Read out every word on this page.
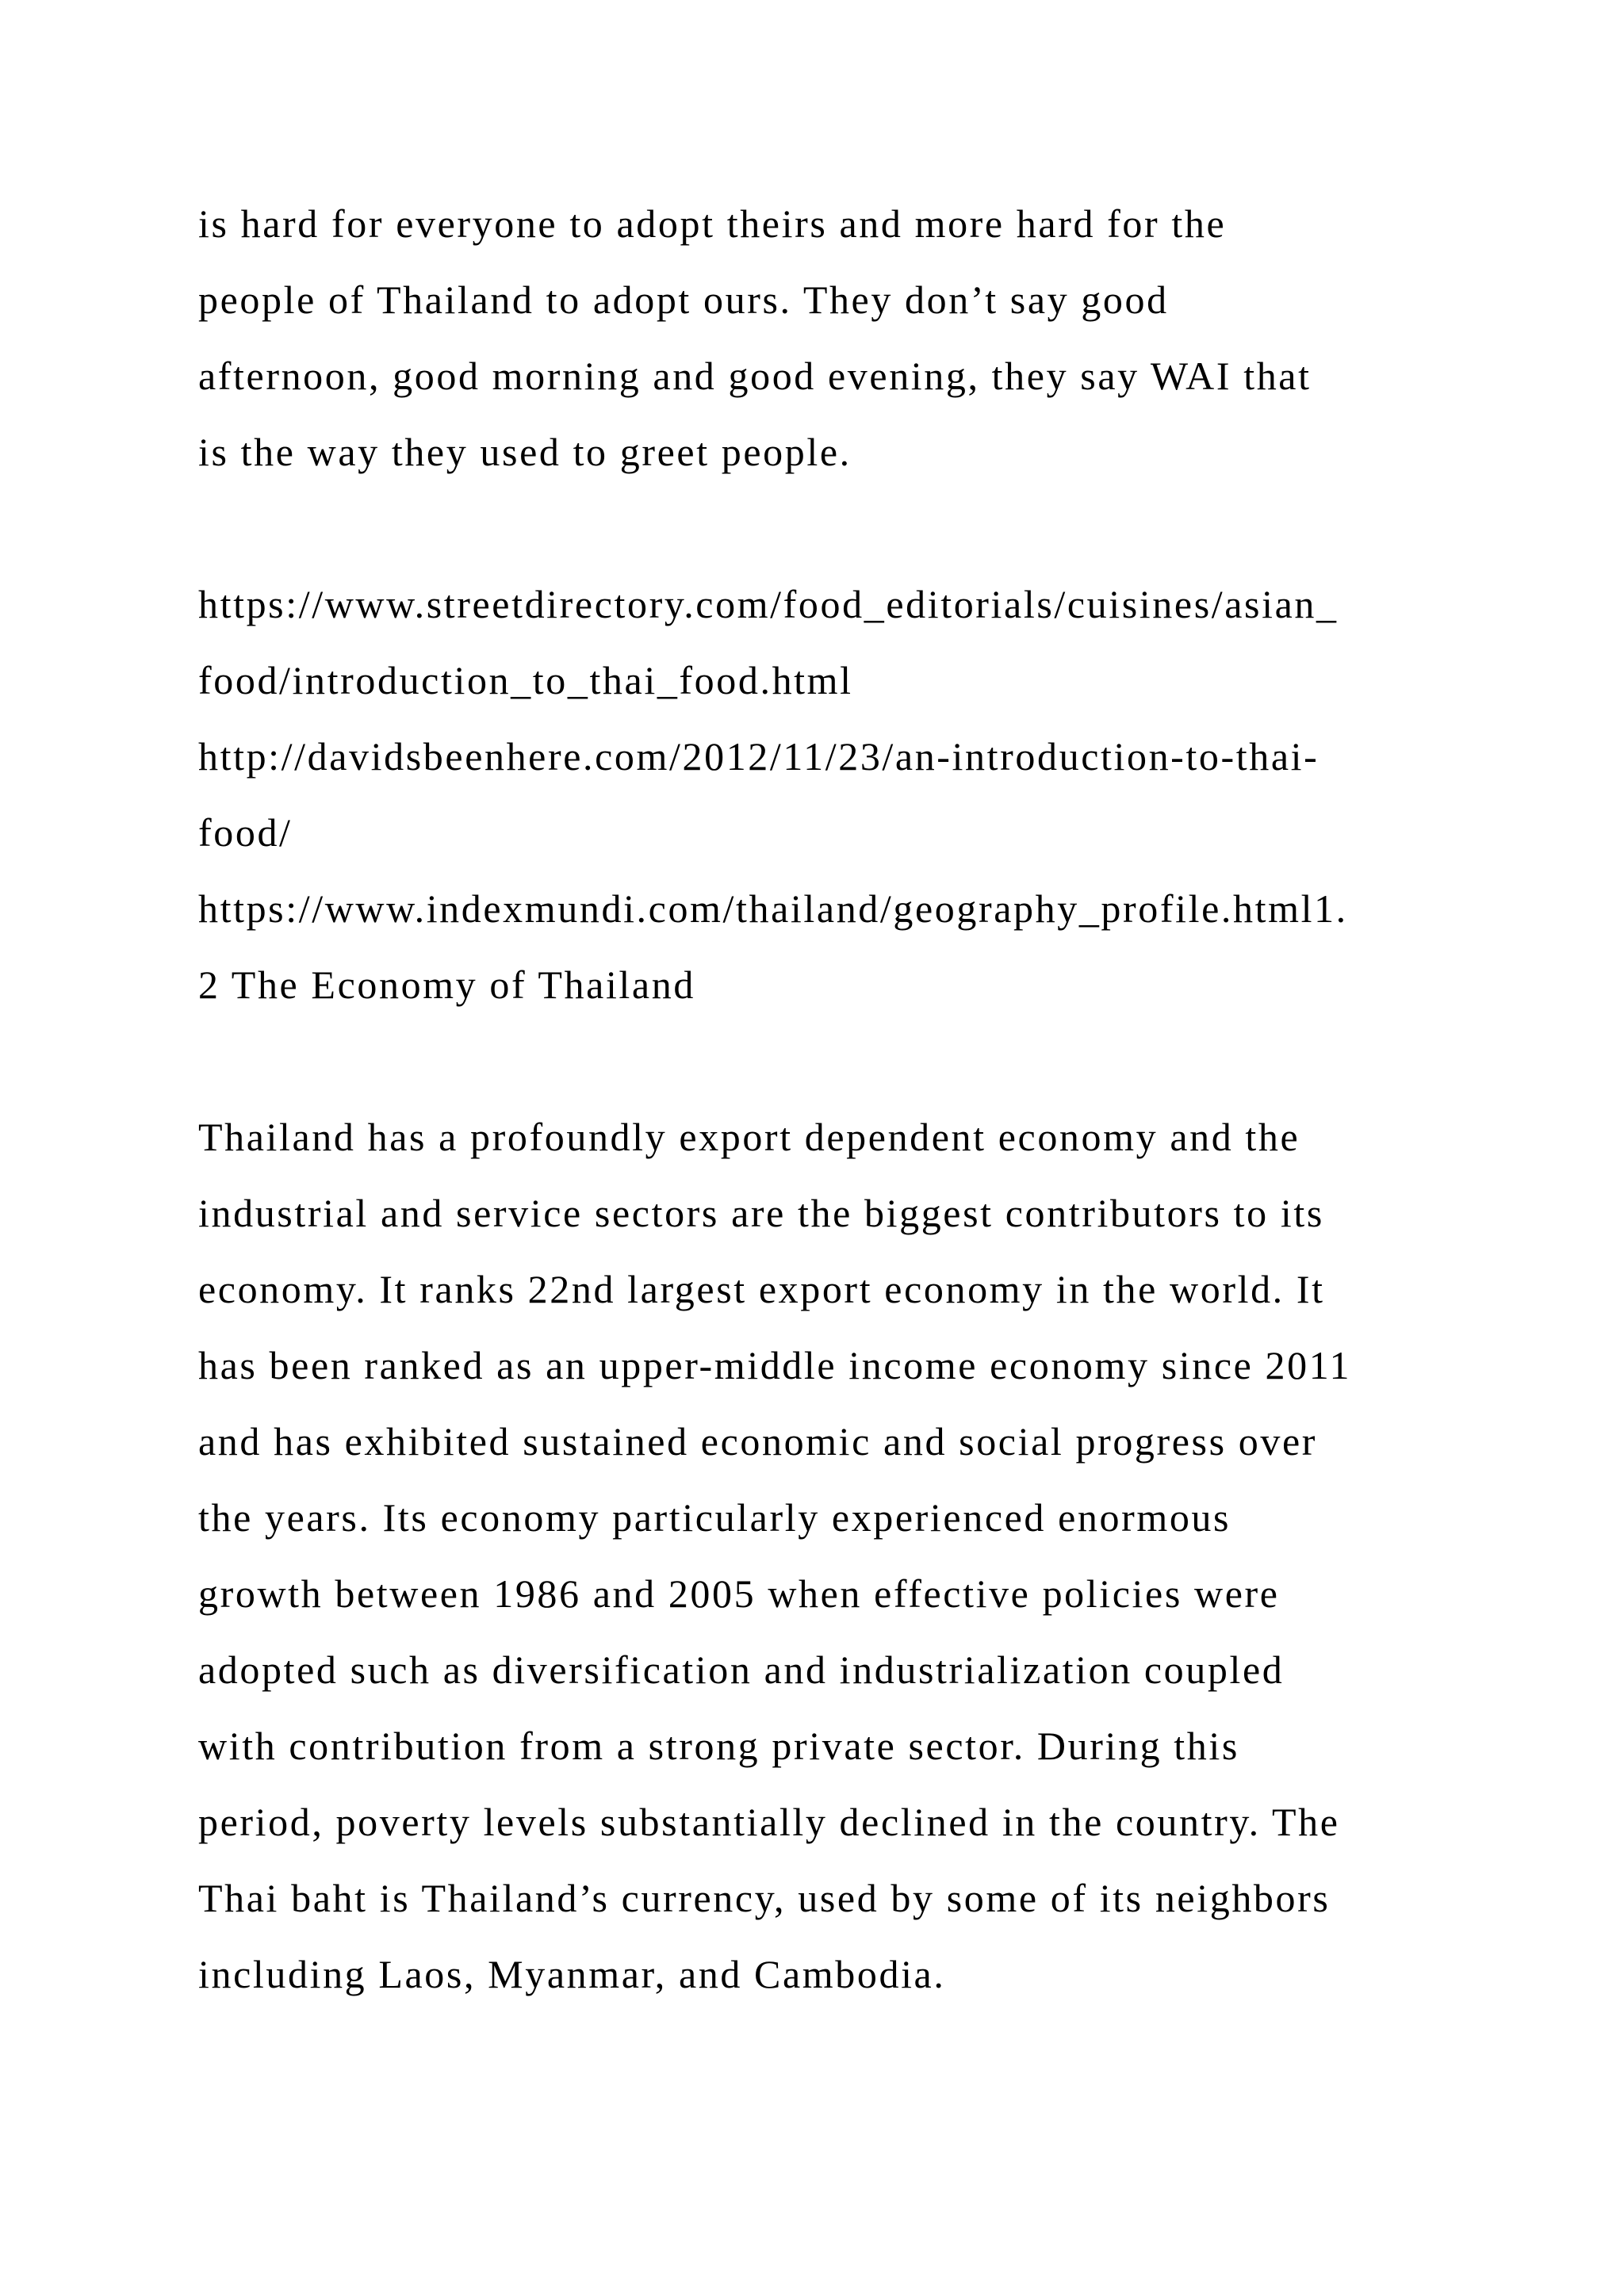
is hard for everyone to adopt theirs and more hard for the

people of Thailand to adopt ours. They don’t say good

afternoon, good morning and good evening, they say WAI that

is the way they used to greet people.

https://www.streetdirectory.com/food_editorials/cuisines/asian_

food/introduction_to_thai_food.html

http://davidsbeenhere.com/2012/11/23/an-introduction-to-thai-

food/

https://www.indexmundi.com/thailand/geography_profile.html1.

2 The Economy of Thailand

Thailand has a profoundly export dependent economy and the

industrial and service sectors are the biggest contributors to its

economy. It ranks 22nd largest export economy in the world. It

has been ranked as an upper-middle income economy since 2011

and has exhibited sustained economic and social progress over

the years. Its economy particularly experienced enormous

growth between 1986 and 2005 when effective policies were

adopted such as diversification and industrialization coupled

with contribution from a strong private sector. During this

period, poverty levels substantially declined in the country. The

Thai baht is Thailand’s currency, used by some of its neighbors

including Laos, Myanmar, and Cambodia.
